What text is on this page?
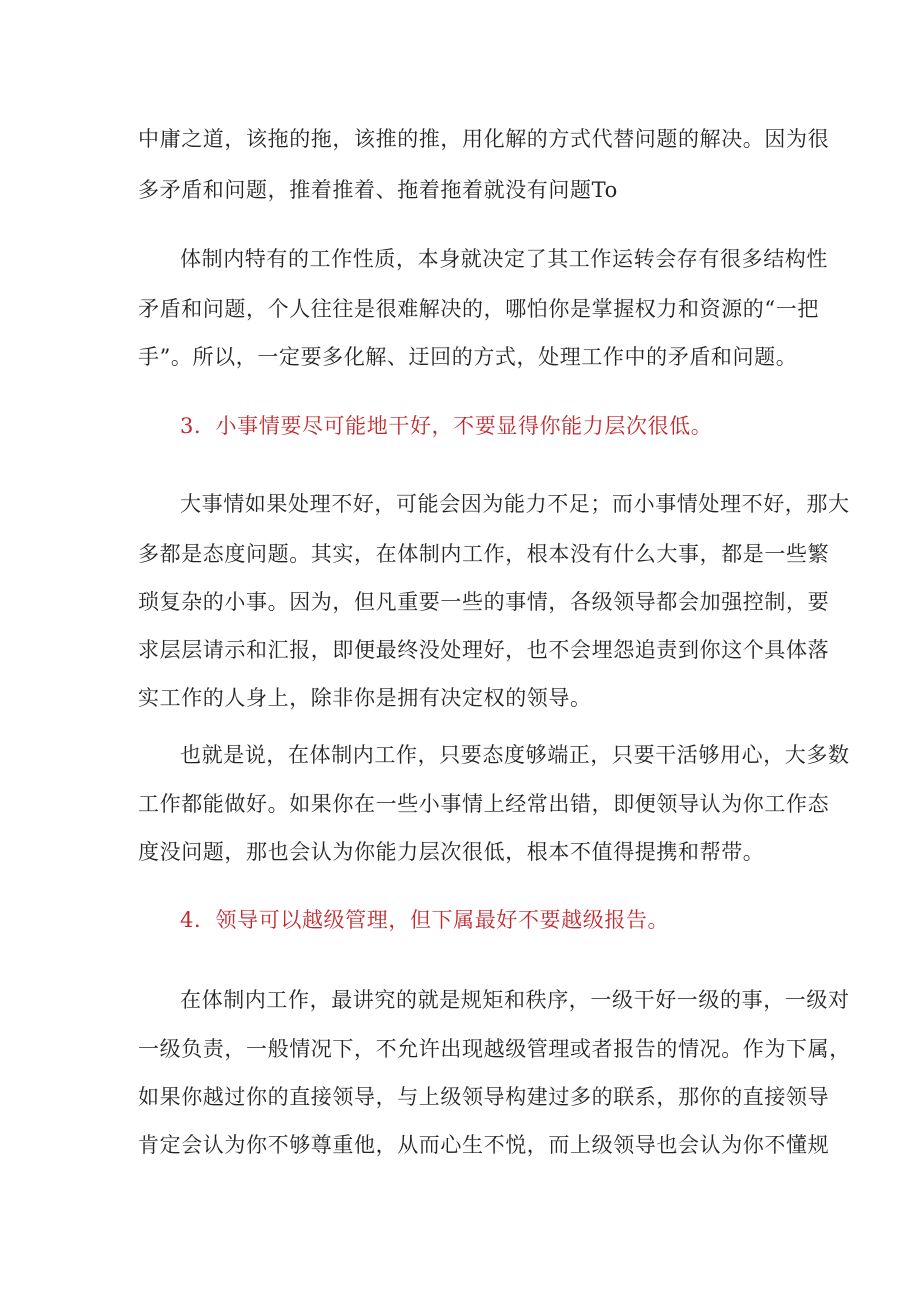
中庸之道，该拖的拖，该推的推，用化解的方式代替问题的解决。因为很
多矛盾和问题，推着推着、拖着拖着就没有问题To
体制内特有的工作性质，本身就决定了其工作运转会存有很多结构性
矛盾和问题，个人往往是很难解决的，哪怕你是掌握权力和资源的“一把
手”。所以，一定要多化解、迂回的方式，处理工作中的矛盾和问题。
3．小事情要尽可能地干好，不要显得你能力层次很低。
大事情如果处理不好，可能会因为能力不足；而小事情处理不好，那大
多都是态度问题。其实，在体制内工作，根本没有什么大事，都是一些繁
琐复杂的小事。因为，但凡重要一些的事情，各级领导都会加强控制，要
求层层请示和汇报，即便最终没处理好，也不会埋怨追责到你这个具体落
实工作的人身上，除非你是拥有决定权的领导。
也就是说，在体制内工作，只要态度够端正，只要干活够用心，大多数
工作都能做好。如果你在一些小事情上经常出错，即便领导认为你工作态
度没问题，那也会认为你能力层次很低，根本不值得提携和帮带。
4．领导可以越级管理，但下属最好不要越级报告。
在体制内工作，最讲究的就是规矩和秩序，一级干好一级的事，一级对
一级负责，一般情况下，不允许出现越级管理或者报告的情况。作为下属，
如果你越过你的直接领导，与上级领导构建过多的联系，那你的直接领导
肯定会认为你不够尊重他，从而心生不悦，而上级领导也会认为你不懂规
